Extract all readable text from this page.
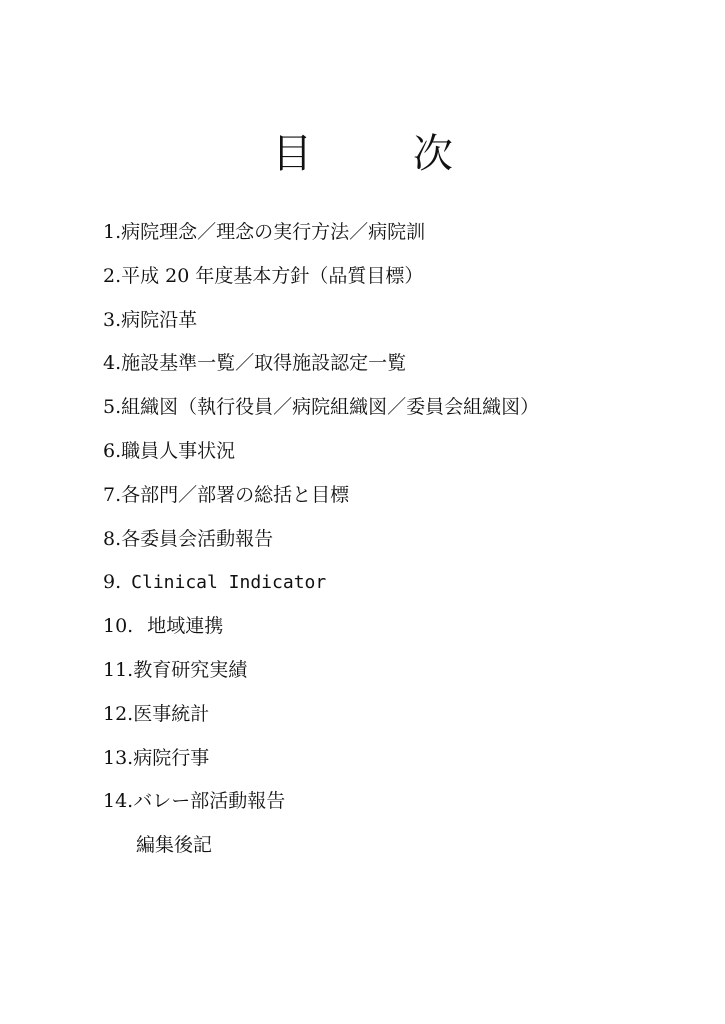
目 次
1.病院理念／理念の実行方法／病院訓
2.平成 20 年度基本方針（品質目標）
3.病院沿革
4.施設基準一覧／取得施設認定一覧
5.組織図（執行役員／病院組織図／委員会組織図）
6.職員人事状況
7.各部門／部署の総括と目標
8.各委員会活動報告
9. Clinical Indicator
10. 地域連携
11.教育研究実績
12.医事統計
13.病院行事
14.バレー部活動報告
編集後記
